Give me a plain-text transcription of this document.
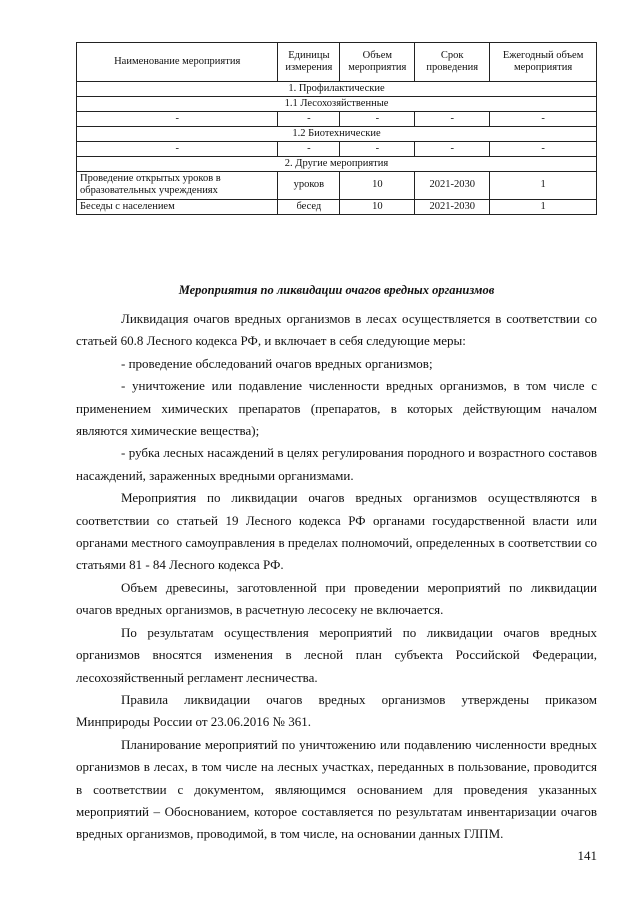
Наименование мероприятия	Единицы измерения	Объем мероприятия	Срок проведения	Ежегодный объем мероприятия
1. Профилактические				
1.1 Лесохозяйственные				
-	-	-	-	-
1.2 Биотехнические				
-	-	-	-	-
2. Другие мероприятия				
Проведение открытых уроков в образовательных учреждениях	уроков	10	2021-2030	1
Беседы с населением	бесед	10	2021-2030	1
Мероприятия по ликвидации очагов вредных организмов

Ликвидация очагов вредных организмов в лесах осуществляется в соответствии со статьей 60.8 Лесного кодекса РФ, и включает в себя следующие меры:

- проведение обследований очагов вредных организмов;

- уничтожение или подавление численности вредных организмов, в том числе с применением химических препаратов (препаратов, в которых действующим началом являются химические вещества);

- рубка лесных насаждений в целях регулирования породного и возрастного составов насаждений, зараженных вредными организмами.

Мероприятия по ликвидации очагов вредных организмов осуществляются в соответствии со статьей 19 Лесного кодекса РФ органами государственной власти или органами местного самоуправления в пределах полномочий, определенных в соответствии со статьями 81 - 84 Лесного кодекса РФ.

Объем древесины, заготовленной при проведении мероприятий по ликвидации очагов вредных организмов, в расчетную лесосеку не включается.

По результатам осуществления мероприятий по ликвидации очагов вредных организмов вносятся изменения в лесной план субъекта Российской Федерации, лесохозяйственный регламент лесничества.

Правила ликвидации очагов вредных организмов утверждены приказом Минприроды России от 23.06.2016 № 361.

Планирование мероприятий по уничтожению или подавлению численности вредных организмов в лесах, в том числе на лесных участках, переданных в пользование, проводится в соответствии с документом, являющимся основанием для проведения указанных мероприятий – Обоснованием, которое составляется по результатам инвентаризации очагов вредных организмов, проводимой, в том числе, на основании данных ГЛПМ.

141
